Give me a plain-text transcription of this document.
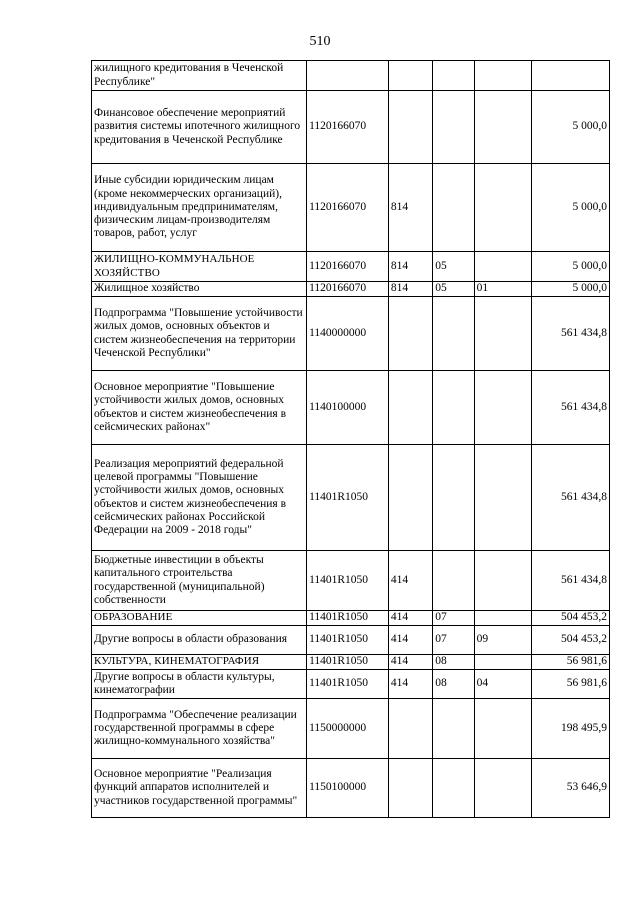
510
жилищного кредитования в Чеченской Республике"					
Финансовое обеспечение мероприятий развития системы ипотечного жилищного кредитования в Чеченской Республике	1120166070				5 000,0
Иные субсидии юридическим лицам (кроме некоммерческих организаций), индивидуальным предпринимателям, физическим лицам-производителям товаров, работ, услуг	1120166070	814			5 000,0
ЖИЛИЩНО-КОММУНАЛЬНОЕ ХОЗЯЙСТВО	1120166070	814	05		5 000,0
Жилищное хозяйство	1120166070	814	05	01	5 000,0
Подпрограмма "Повышение устойчивости жилых домов, основных объектов и систем жизнеобеспечения на территории Чеченской Республики"	1140000000				561 434,8
Основное мероприятие "Повышение устойчивости жилых домов, основных объектов и систем жизнеобеспечения в сейсмических районах"	1140100000				561 434,8
Реализация мероприятий федеральной целевой программы "Повышение устойчивости жилых домов, основных объектов и систем жизнеобеспечения в сейсмических районах Российской Федерации на 2009 - 2018 годы"	11401R1050				561 434,8
Бюджетные инвестиции в объекты капитального строительства государственной (муниципальной) собственности	11401R1050	414			561 434,8
ОБРАЗОВАНИЕ	11401R1050	414	07		504 453,2
Другие вопросы в области образования	11401R1050	414	07	09	504 453,2
КУЛЬТУРА, КИНЕМАТОГРАФИЯ	11401R1050	414	08		56 981,6
Другие вопросы в области культуры, кинематографии	11401R1050	414	08	04	56 981,6
Подпрограмма "Обеспечение реализации государственной программы в сфере жилищно-коммунального хозяйства"	1150000000				198 495,9
Основное мероприятие "Реализация функций аппаратов исполнителей и участников государственной программы"	1150100000				53 646,9
